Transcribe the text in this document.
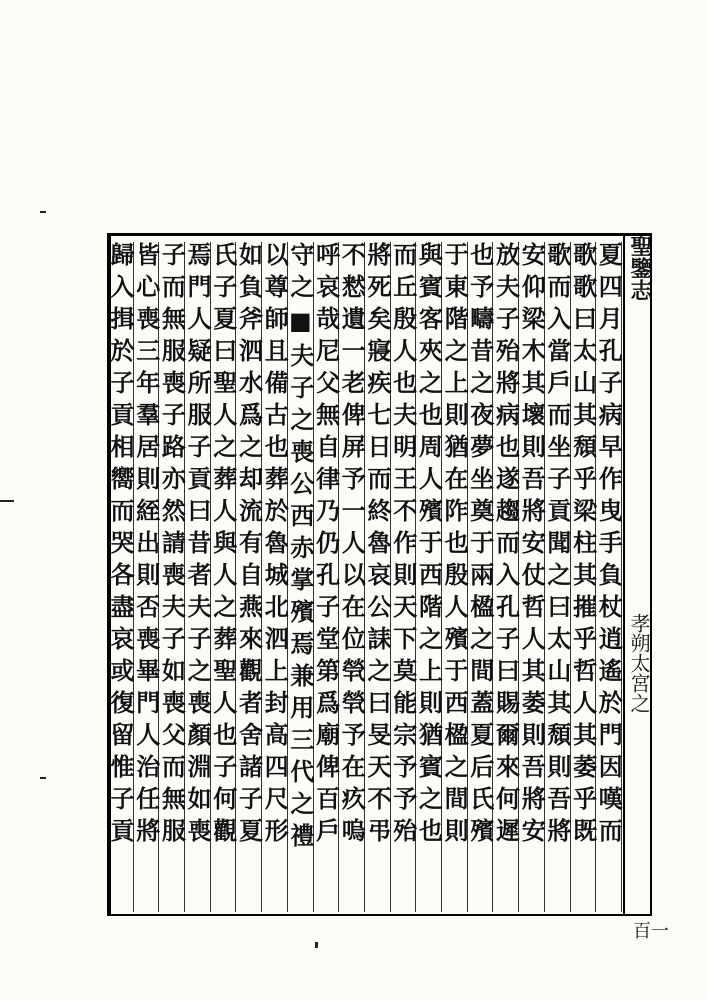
夏四月孔子病早作曳手負杖逍遙於門因嘆而
歌歌曰太山其頹乎梁柱其摧乎哲人其萎乎既
歌而入當戶而坐子貢聞之曰太山其頹則吾將
安仰梁木其壞則吾將安仗哲人其萎則吾將安
放夫子殆將病也遂趨而入孔子曰賜爾來何遲
也予疇昔之夜夢坐奠于兩楹之間蓋夏后氏殯
于東階之上則猶在阼也殷人殯于西楹之間則
與賓客夾之也周人殯于西階之上則猶賓之也
而丘殷人也夫明王不作則天下莫能宗予予殆
將死矣寢疾七日而終魯哀公誄之曰旻天不弔
不慭遺一老俾屏予一人以在位煢煢予在疚嗚
呼哀哉尼父無自律乃仍孔子堂第爲廟俾百戶
守之■夫子之喪公西赤掌殯焉兼用三代之禮
以尊師且備古也葬於魯城北泗上封高四尺形
如負斧泗水爲之却流有自燕來觀者舍諸子夏
氏子夏曰聖人之葬人與人之葬聖人也子何觀
焉門人疑所服子貢曰昔者夫子之喪顏淵如喪
子而無服喪子路亦然請喪夫子如喪父而無服
皆心喪三年羣居則絰出則否喪畢門人治任將
歸入揖於子貢相嚮而哭各盡哀或復留惟子貢	聖鑒志
孝朔太宮之
一百
